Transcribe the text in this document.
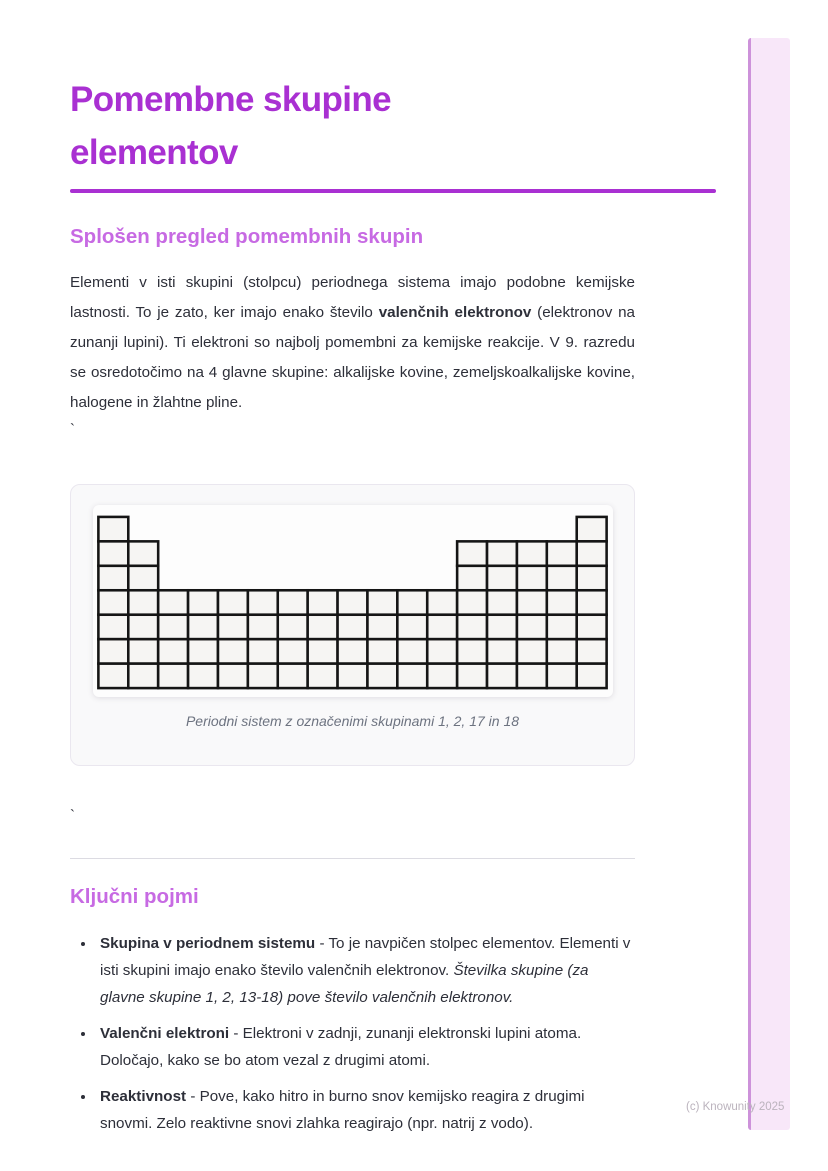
Pomembne skupine elementov
Splošen pregled pomembnih skupin

Elementi v isti skupini (stolpcu) periodnega sistema imajo podobne kemijske lastnosti. To je zato, ker imajo enako število valenčnih elektronov (elektronov na zunanji lupini). Ti elektroni so najbolj pomembni za kemijske reakcije. V 9. razredu se osredotočimo na 4 glavne skupine: alkalijske kovine, zemeljskoalkalijske kovine, halogene in žlahtne pline.

`
Periodni sistem z označenimi skupinami 1, 2, 17 in 18
`
Ključni pojmi
• Skupina v periodnem sistemu - To je navpičen stolpec elementov. Elementi v isti skupini imajo enako število valenčnih elektronov. Številka skupine (za glavne skupine 1, 2, 13-18) pove število valenčnih elektronov.
• Valenčni elektroni - Elektroni v zadnji, zunanji elektronski lupini atoma. Določajo, kako se bo atom vezal z drugimi atomi.
• Reaktivnost - Pove, kako hitro in burno snov kemijsko reagira z drugimi snovmi. Zelo reaktivne snovi zlahka reagirajo (npr. natrij z vodo).
(c) Knowunity 2025
